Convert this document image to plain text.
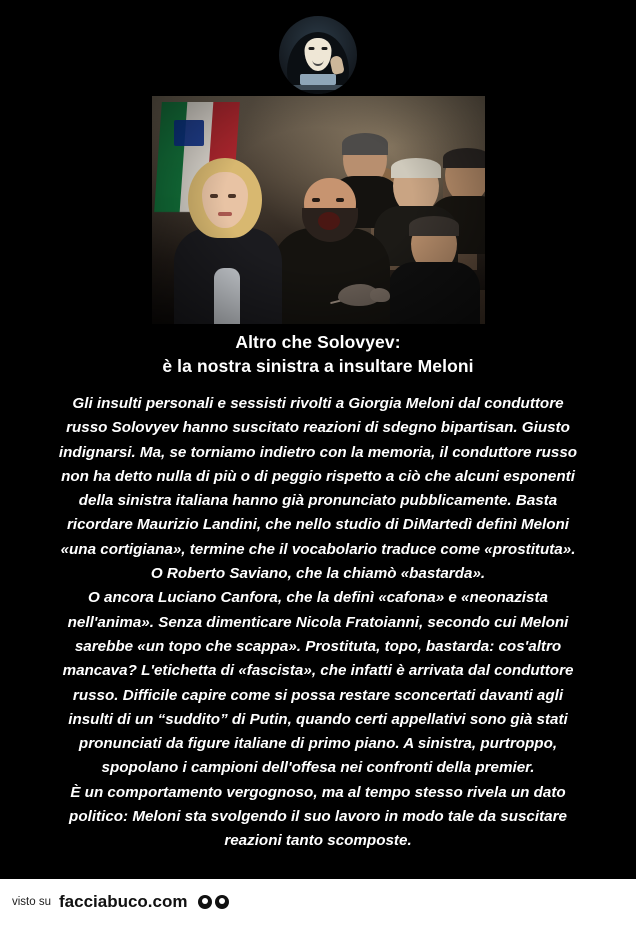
Altro che Solovyev:
è la nostra sinistra a insultare Meloni

Gli insulti personali e sessisti rivolti a Giorgia Meloni dal conduttore russo Solovyev hanno suscitato reazioni di sdegno bipartisan. Giusto indignarsi. Ma, se torniamo indietro con la memoria, il conduttore russo non ha detto nulla di più o di peggio rispetto a ciò che alcuni esponenti della sinistra italiana hanno già pronunciato pubblicamente. Basta ricordare Maurizio Landini, che nello studio di DiMartedì definì Meloni «una cortigiana», termine che il vocabolario traduce come «prostituta». O Roberto Saviano, che la chiamò «bastarda».

O ancora Luciano Canfora, che la definì «cafona» e «neonazista nell'anima». Senza dimenticare Nicola Fratoianni, secondo cui Meloni sarebbe «un topo che scappa». Prostituta, topo, bastarda: cos'altro mancava? L'etichetta di «fascista», che infatti è arrivata dal conduttore russo. Difficile capire come si possa restare sconcertati davanti agli insulti di un “suddito” di Putin, quando certi appellativi sono già stati pronunciati da figure italiane di primo piano. A sinistra, purtroppo, spopolano i campioni dell'offesa nei confronti della premier.

È un comportamento vergognoso, ma al tempo stesso rivela un dato politico: Meloni sta svolgendo il suo lavoro in modo tale da suscitare reazioni tanto scomposte.

visto su facciabuco.com
